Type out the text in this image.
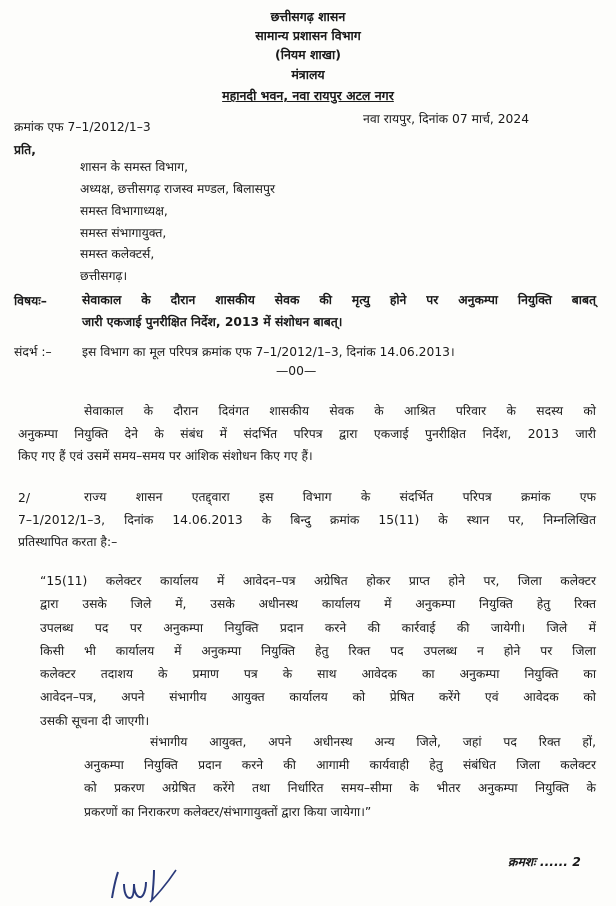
छत्तीसगढ़ शासन
सामान्य प्रशासन विभाग
(नियम शाखा)
मंत्रालय
महानदी भवन, नवा रायपुर अटल नगर
क्रमांक एफ 7–1/2012/1–3
नवा रायपुर, दिनांक 07 मार्च, 2024
प्रति,
शासन के समस्त विभाग,
अध्यक्ष, छत्तीसगढ़ राजस्व मण्डल, बिलासपुर
समस्त विभागाध्यक्ष,
समस्त संभागायुक्त,
समस्त कलेक्टर्स,
छत्तीसगढ़।
विषयः–	सेवाकाल के दौरान शासकीय सेवक की मृत्यु होने पर अनुकम्पा नियुक्ति बाबत्
जारी एकजाई पुनरीक्षित निर्देश, 2013 में संशोधन बाबत्।
संदर्भ :– इस विभाग का मूल परिपत्र क्रमांक एफ 7–1/2012/1–3, दिनांक 14.06.2013।
—00—
सेवाकाल के दौरान दिवंगत शासकीय सेवक के आश्रित परिवार के सदस्य को
अनुकम्पा नियुक्ति देने के संबंध में संदर्भित परिपत्र द्वारा एकजाई पुनरीक्षित निर्देश, 2013 जारी
किए गए हैं एवं उसमें समय–समय पर आंशिक संशोधन किए गए हैं।
2/	राज्य शासन एतद्द्वारा इस विभाग के संदर्भित परिपत्र क्रमांक एफ
7–1/2012/1–3, दिनांक 14.06.2013 के बिन्दु क्रमांक 15(11) के स्थान पर, निम्नलिखित
प्रतिस्थापित करता है:–
“15(11) कलेक्टर कार्यालय में आवेदन–पत्र अग्रेषित होकर प्राप्त होने पर, जिला कलेक्टर
द्वारा उसके जिले में, उसके अधीनस्थ कार्यालय में अनुकम्पा नियुक्ति हेतु रिक्त
उपलब्ध पद पर अनुकम्पा नियुक्ति प्रदान करने की कार्रवाई की जायेगी। जिले में
किसी भी कार्यालय में अनुकम्पा नियुक्ति हेतु रिक्त पद उपलब्ध न होने पर जिला
कलेक्टर तदाशय के प्रमाण पत्र के साथ आवेदक का अनुकम्पा नियुक्ति का
आवेदन–पत्र, अपने संभागीय आयुक्त कार्यालय को प्रेषित करेंगे एवं आवेदक को
उसकी सूचना दी जाएगी।
संभागीय आयुक्त, अपने अधीनस्थ अन्य जिले, जहां पद रिक्त हों,
अनुकम्पा नियुक्ति प्रदान करने की आगामी कार्यवाही हेतु संबंधित जिला कलेक्टर
को प्रकरण अग्रेषित करेंगे तथा निर्धारित समय–सीमा के भीतर अनुकम्पा नियुक्ति के
प्रकरणों का निराकरण कलेक्टर/संभागायुक्तों द्वारा किया जायेगा।”
क्रमशः ...... 2
